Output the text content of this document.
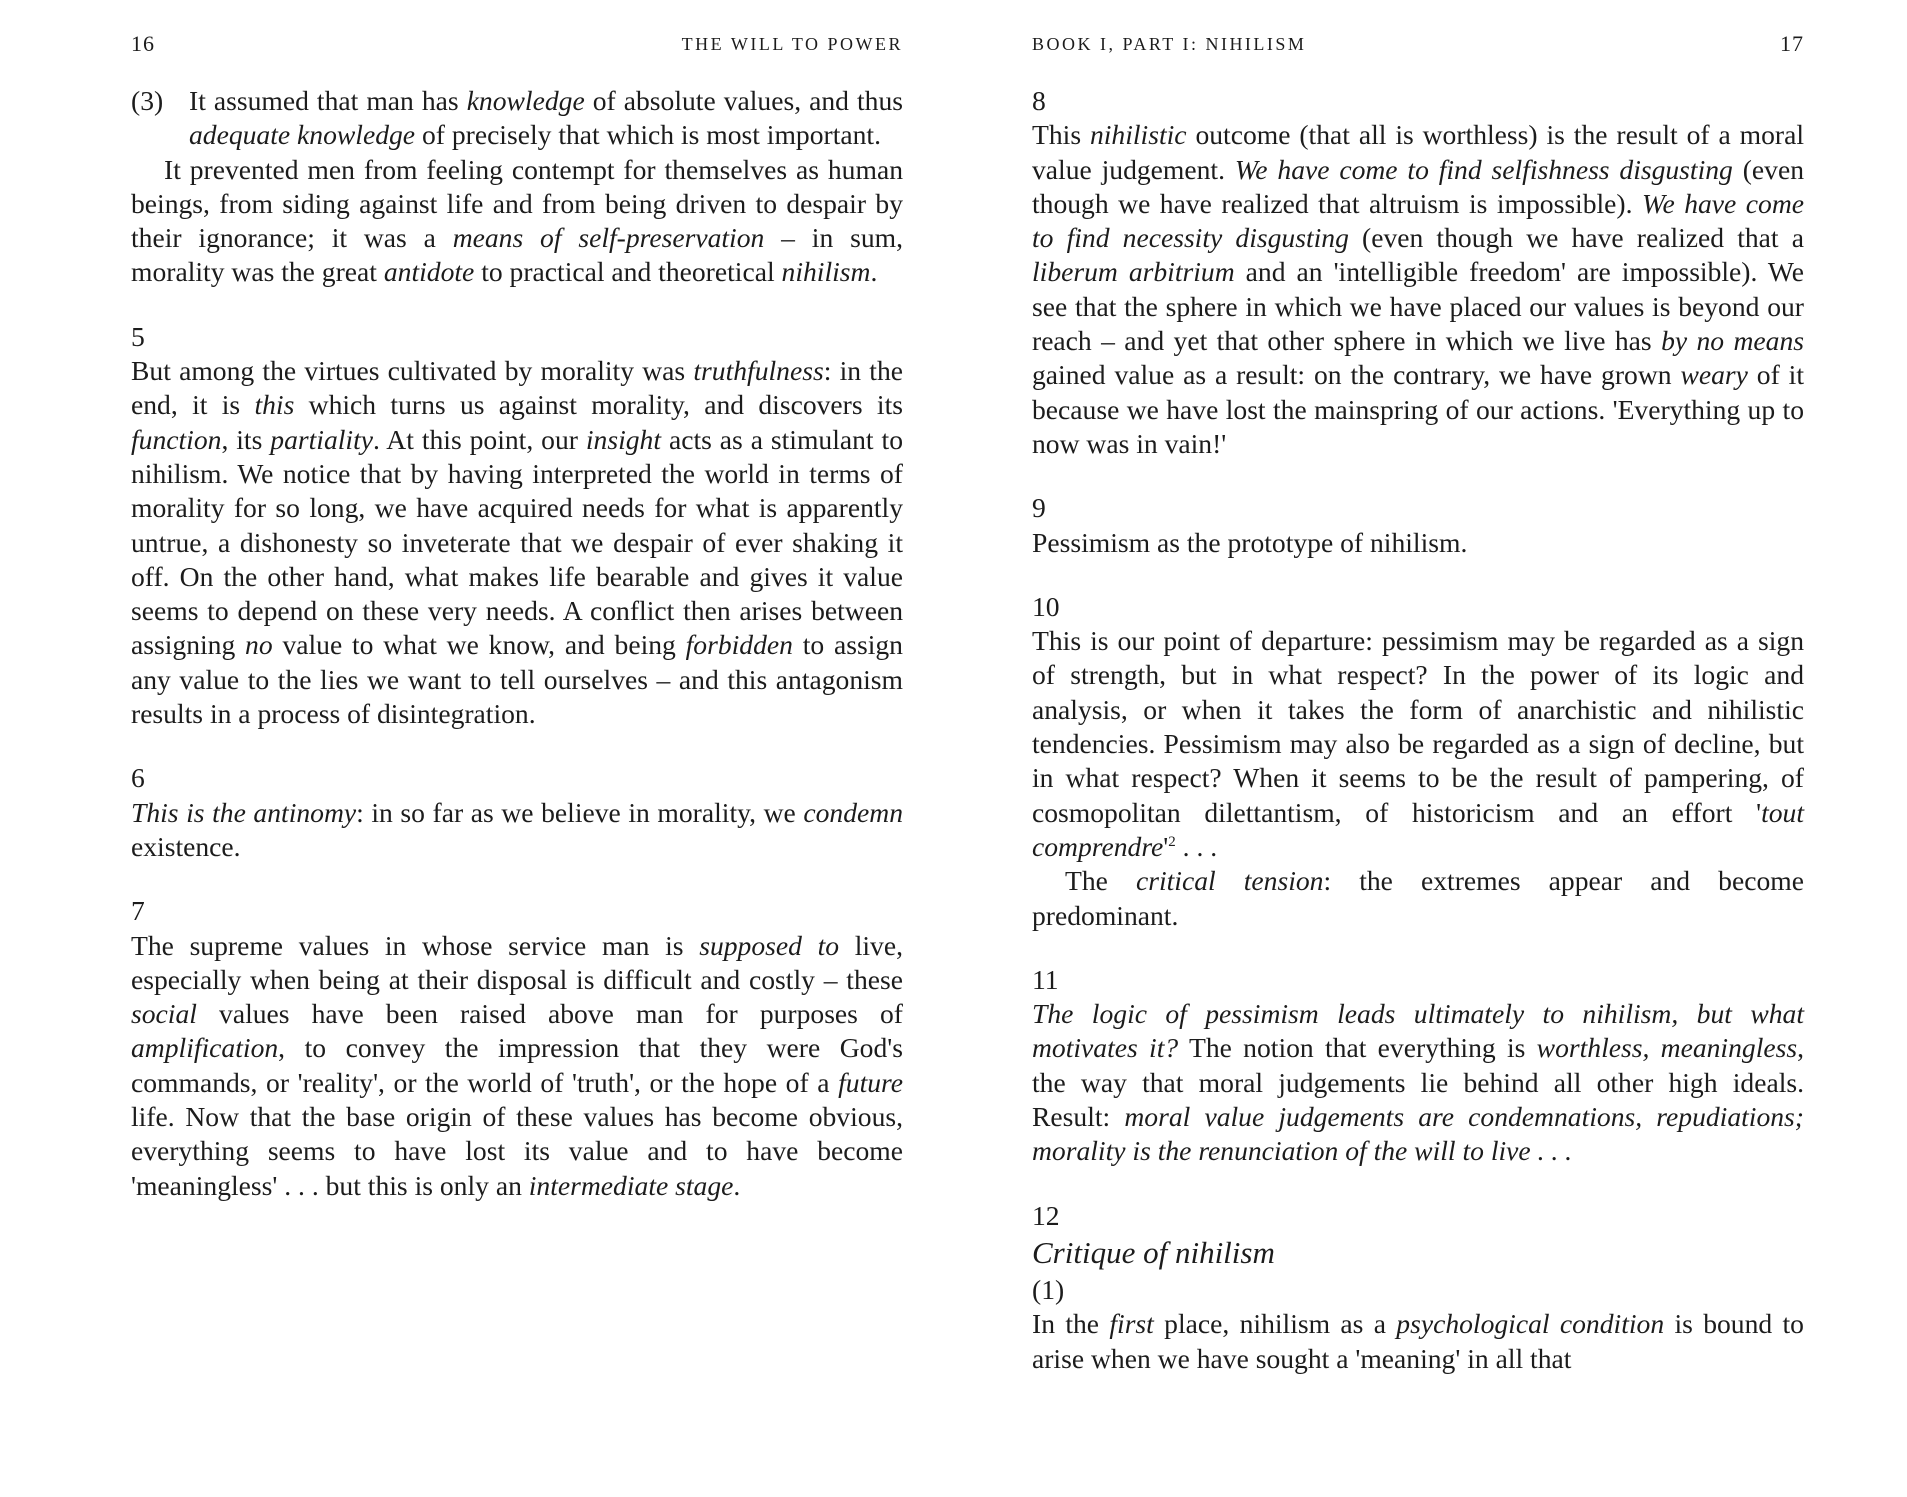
16	THE WILL TO POWER

(3) It assumed that man has knowledge of absolute values, and thus adequate knowledge of precisely that which is most important.

It prevented men from feeling contempt for themselves as human beings, from siding against life and from being driven to despair by their ignorance; it was a means of self-preservation – in sum, morality was the great antidote to practical and theoretical nihilism.

5

But among the virtues cultivated by morality was truthfulness: in the end, it is this which turns us against morality, and discovers its function, its partiality. At this point, our insight acts as a stimulant to nihilism. We notice that by having interpreted the world in terms of morality for so long, we have acquired needs for what is apparently untrue, a dishonesty so inveterate that we despair of ever shaking it off. On the other hand, what makes life bearable and gives it value seems to depend on these very needs. A conflict then arises between assigning no value to what we know, and being forbidden to assign any value to the lies we want to tell ourselves – and this antagonism results in a process of disintegration.

6

This is the antinomy: in so far as we believe in morality, we condemn existence.

7

The supreme values in whose service man is supposed to live, especially when being at their disposal is difficult and costly – these social values have been raised above man for purposes of amplification, to convey the impression that they were God's commands, or 'reality', or the world of 'truth', or the hope of a future life. Now that the base origin of these values has become obvious, everything seems to have lost its value and to have become 'meaningless' . . . but this is only an intermediate stage.

BOOK I, PART I: NIHILISM	17

8

This nihilistic outcome (that all is worthless) is the result of a moral value judgement. We have come to find selfishness disgusting (even though we have realized that altruism is impossible). We have come to find necessity disgusting (even though we have realized that a liberum arbitrium and an 'intelligible freedom' are impossible). We see that the sphere in which we have placed our values is beyond our reach – and yet that other sphere in which we live has by no means gained value as a result: on the contrary, we have grown weary of it because we have lost the mainspring of our actions. 'Everything up to now was in vain!'

9

Pessimism as the prototype of nihilism.

10

This is our point of departure: pessimism may be regarded as a sign of strength, but in what respect? In the power of its logic and analysis, or when it takes the form of anarchistic and nihilistic tendencies. Pessimism may also be regarded as a sign of decline, but in what respect? When it seems to be the result of pampering, of cosmopolitan dilettantism, of historicism and an effort 'tout comprendre'$^2$ . . .

The critical tension: the extremes appear and become predominant.

11

The logic of pessimism leads ultimately to nihilism, but what motivates it? The notion that everything is worthless, meaningless, the way that moral judgements lie behind all other high ideals. Result: moral value judgements are condemnations, repudiations; morality is the renunciation of the will to live . . .

12

Critique of nihilism

(1)

In the first place, nihilism as a psychological condition is bound to arise when we have sought a 'meaning' in all that
